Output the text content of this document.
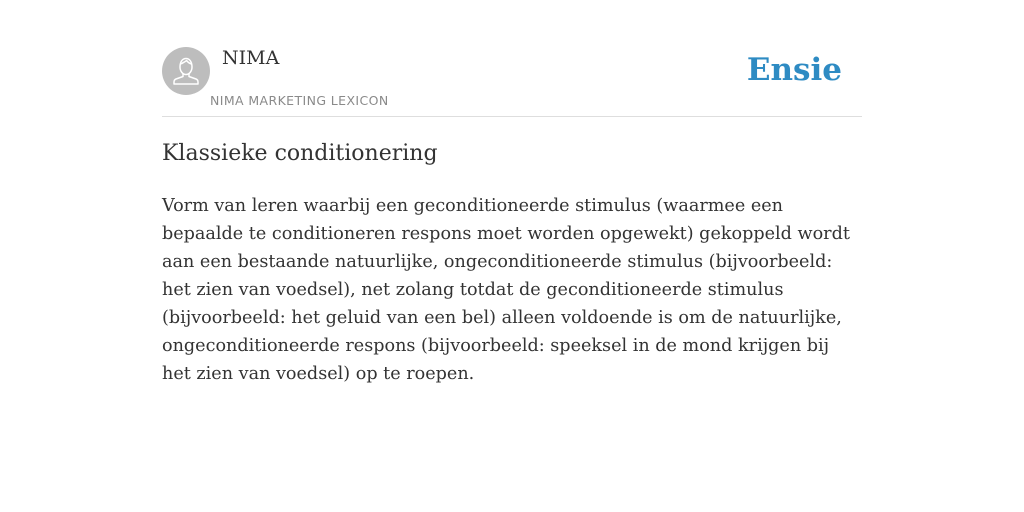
NIMA
NIMA MARKETING LEXICON
Ensie
Klassieke conditionering

Vorm van leren waarbij een geconditioneerde stimulus (waarmee een bepaalde te conditioneren respons moet worden opgewekt) gekoppeld wordt aan een bestaande natuurlijke, ongeconditioneerde stimulus (bijvoorbeeld: het zien van voedsel), net zolang totdat de geconditioneerde stimulus (bijvoorbeeld: het geluid van een bel) alleen voldoende is om de natuurlijke, ongeconditioneerde respons (bijvoorbeeld: speeksel in de mond krijgen bij het zien van voedsel) op te roepen.
